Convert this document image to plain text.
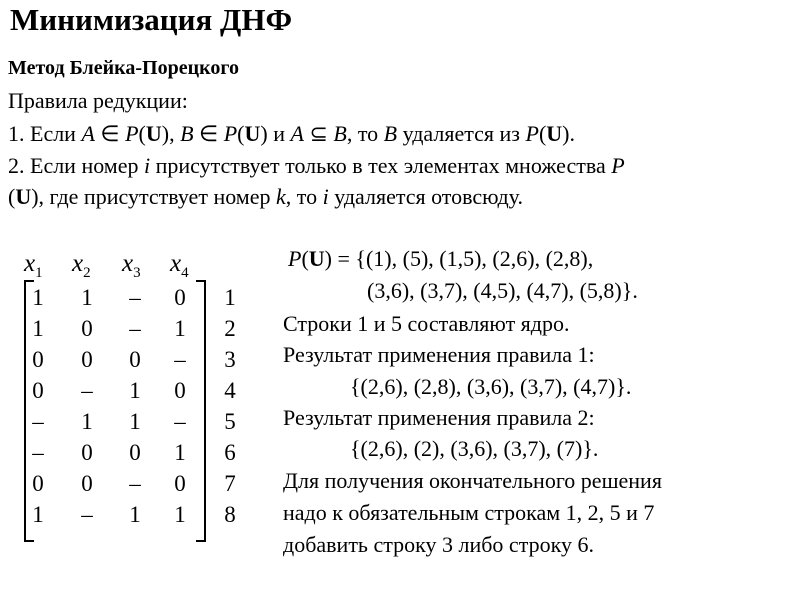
Минимизация ДНФ
Метод Блейка-Порецкого
Правила редукции:
1. Если A ∈ P(U), B ∈ P(U) и A ⊆ B, то B удаляется из P(U).
2. Если номер i присутствует только в тех элементах множества P
(U), где присутствует номер k, то i удаляется отовсюду.
$x_1$ $x_2$ $x_3$ $x_4$
1	1	–	0	1
1	0	–	1	2
0	0	0	–	3
0	–	1	0	4
–	1	1	–	5
–	0	0	1	6
0	0	–	0	7
1	–	1	1	8
P(U) = {(1), (5), (1,5), (2,6), (2,8),
(3,6), (3,7), (4,5), (4,7), (5,8)}.
Строки 1 и 5 составляют ядро.
Результат применения правила 1:
{(2,6), (2,8), (3,6), (3,7), (4,7)}.
Результат применения правила 2:
{(2,6), (2), (3,6), (3,7), (7)}.
Для получения окончательного решения
надо к обязательным строкам 1, 2, 5 и 7
добавить строку 3 либо строку 6.
